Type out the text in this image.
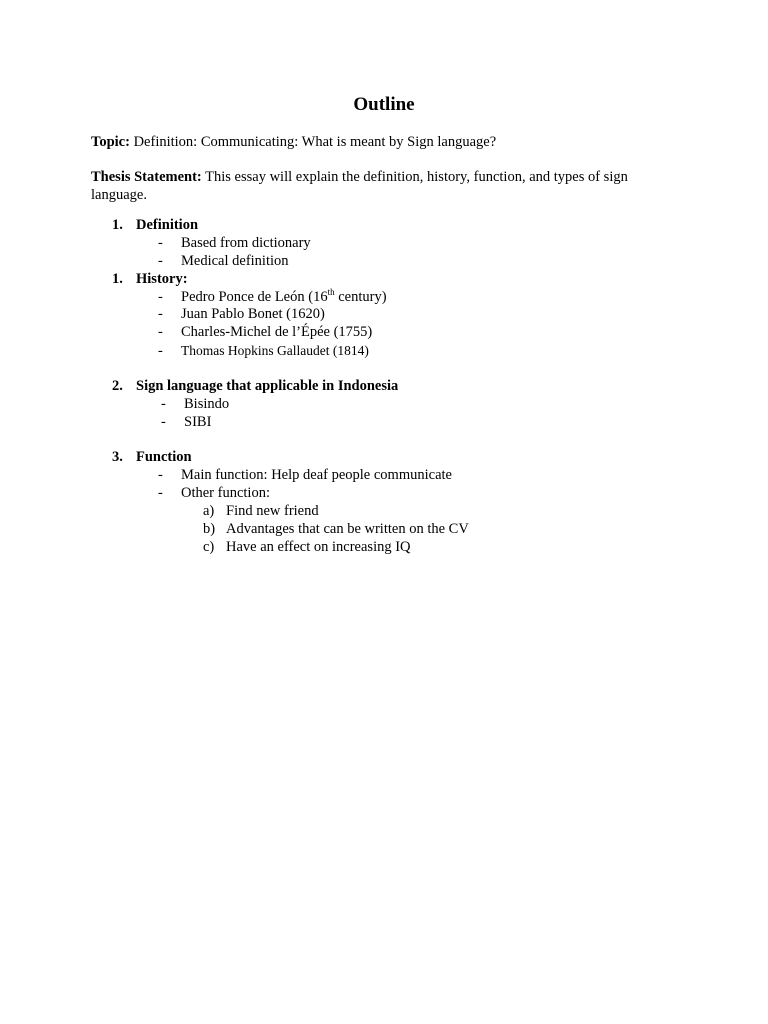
Outline
Topic: Definition: Communicating: What is meant by Sign language?
Thesis Statement: This essay will explain the definition, history, function, and types of sign language.
1. Definition
- Based from dictionary
- Medical definition
1. History:
- Pedro Ponce de León (16th century)
- Juan Pablo Bonet (1620)
- Charles-Michel de l’Épée (1755)
- Thomas Hopkins Gallaudet (1814)
2. Sign language that applicable in Indonesia
- Bisindo
- SIBI
3. Function
- Main function: Help deaf people communicate
- Other function:
a) Find new friend
b) Advantages that can be written on the CV
c) Have an effect on increasing IQ
